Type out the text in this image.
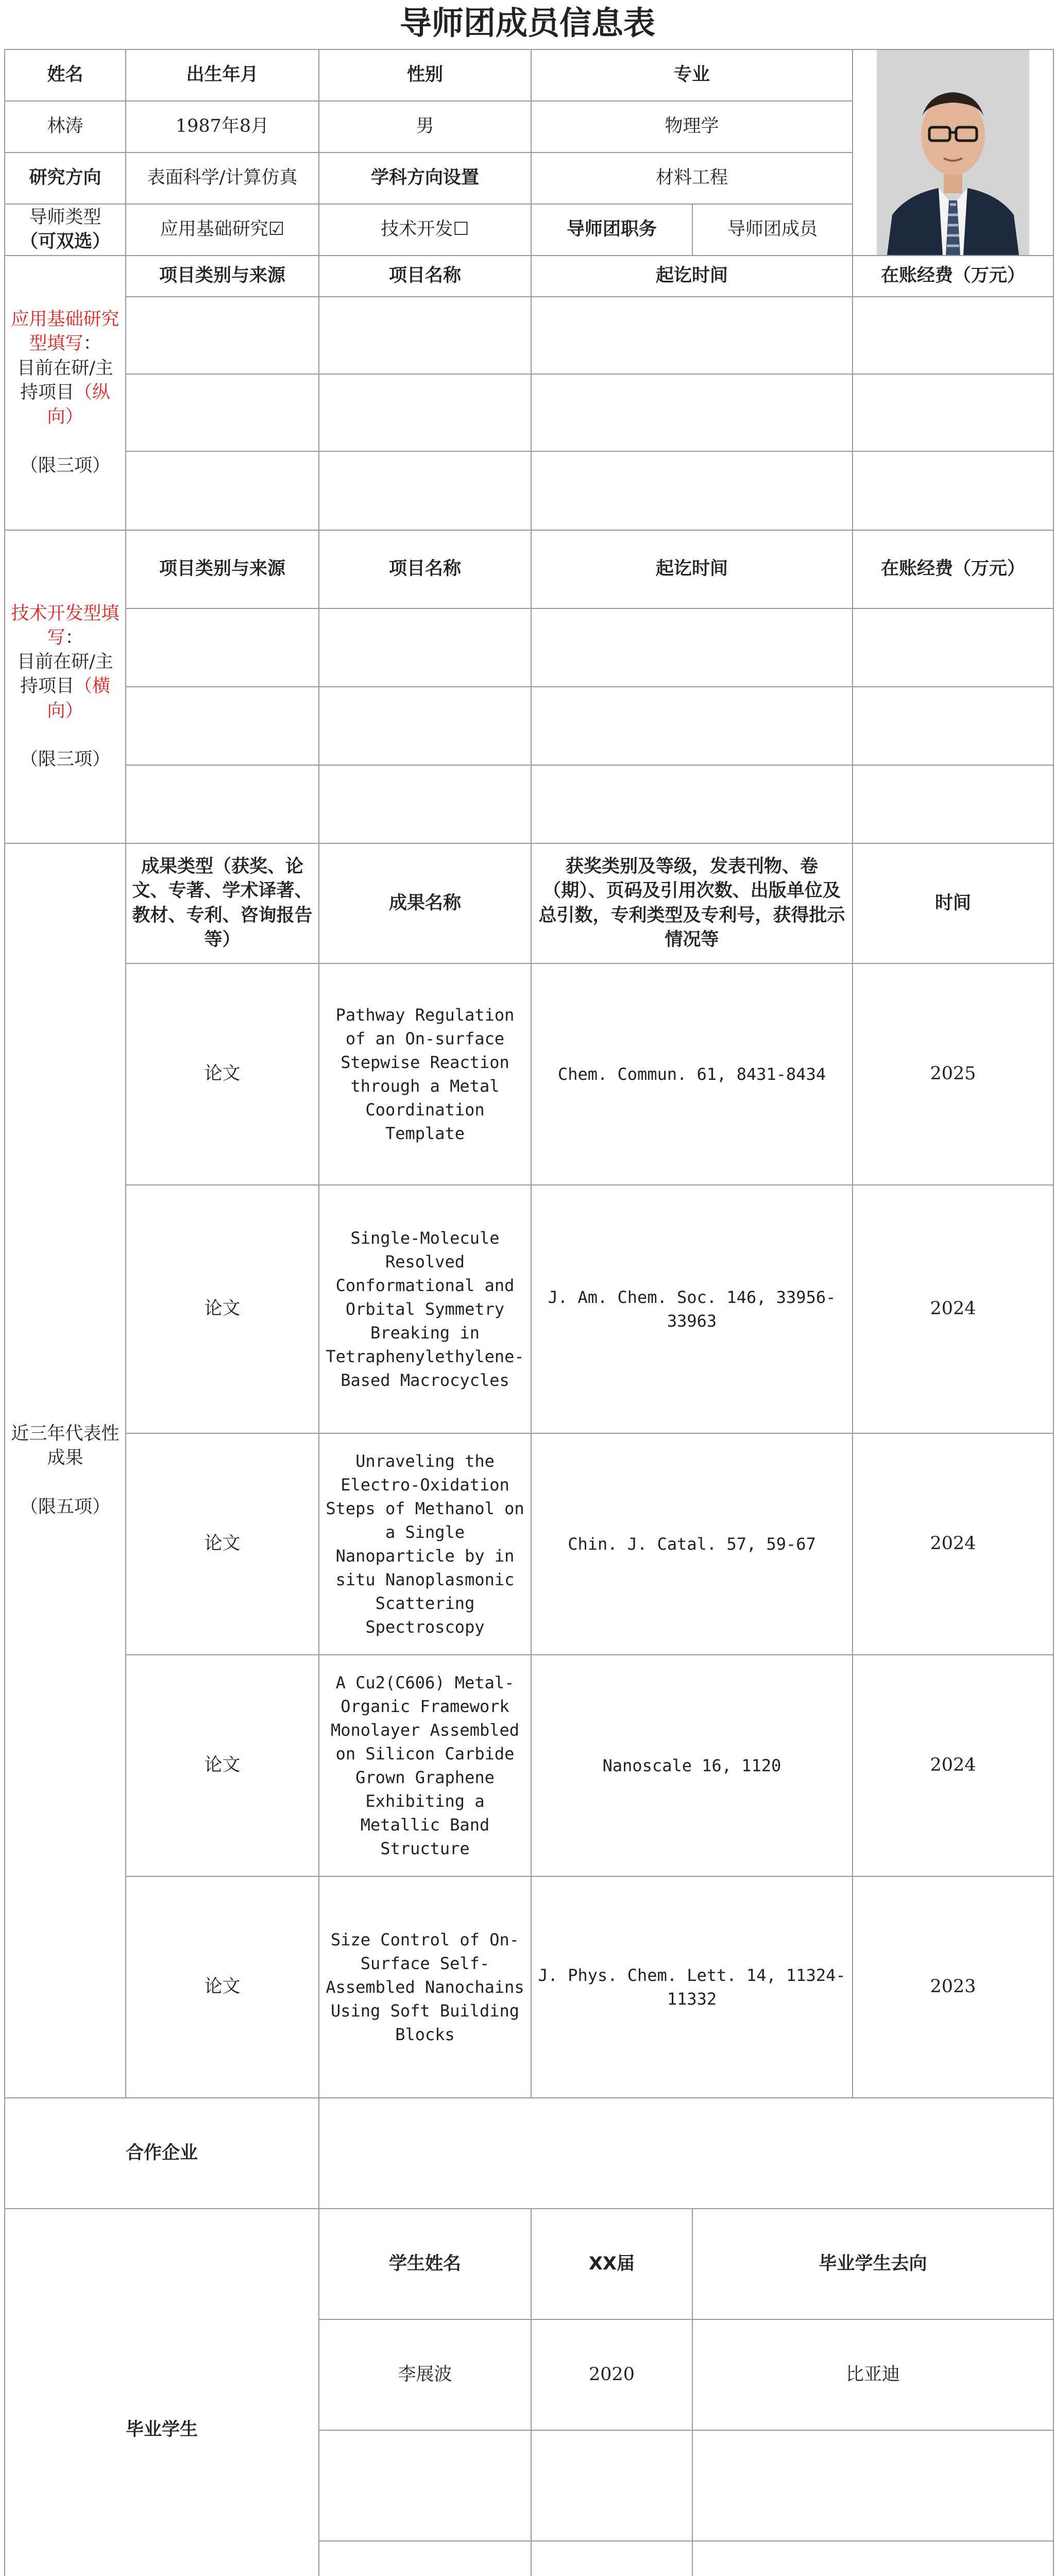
导师团成员信息表
姓名	出生年月	性别	专业	

林涛	1987年8月	男	物理学		
研究方向	表面科学/计算仿真	学科方向设置	材料工程		

导师类型
（可双选）	应用基础研究☑	技术开发☐	导师团职务	导师团成员	
应用基础研究型填写：
目前在研/主持项目（纵向）

（限三项）	项目类别与来源	项目名称	起讫时间		在账经费（万元）

技术开发型填写：
目前在研/主持项目（横向）

（限三项）	项目类别与来源	项目名称	起讫时间		在账经费（万元）

近三年代表性成果

（限五项）	成果类型（获奖、论文、专著、学术译著、教材、专利、咨询报告等）	成果名称	获奖类别及等级，发表刊物、卷（期）、页码及引用次数、出版单位及总引数，专利类型及专利号，获得批示情况等		时间
	论文	Pathway Regulation of an On-surface Stepwise Reaction through a Metal Coordination Template	Chem. Commun. 61, 8431-8434		2025
	论文	Single-Molecule Resolved Conformational and Orbital Symmetry Breaking in Tetraphenylethylene-Based Macrocycles	J. Am. Chem. Soc. 146, 33956-33963		2024
	论文	Unraveling the Electro-Oxidation Steps of Methanol on a Single Nanoparticle by in situ Nanoplasmonic Scattering Spectroscopy	Chin. J. Catal. 57, 59-67		2024
	论文	A Cu2(C606) Metal-Organic Framework Monolayer Assembled on Silicon Carbide Grown Graphene Exhibiting a Metallic Band Structure	Nanoscale 16, 1120		2024
	论文	Size Control of On-Surface Self-Assembled Nanochains Using Soft Building Blocks	J. Phys. Chem. Lett. 14, 11324-11332		2023
合作企业					
毕业学生		学生姓名	XX届	毕业学生去向	
		李展波	2020	比亚迪	
